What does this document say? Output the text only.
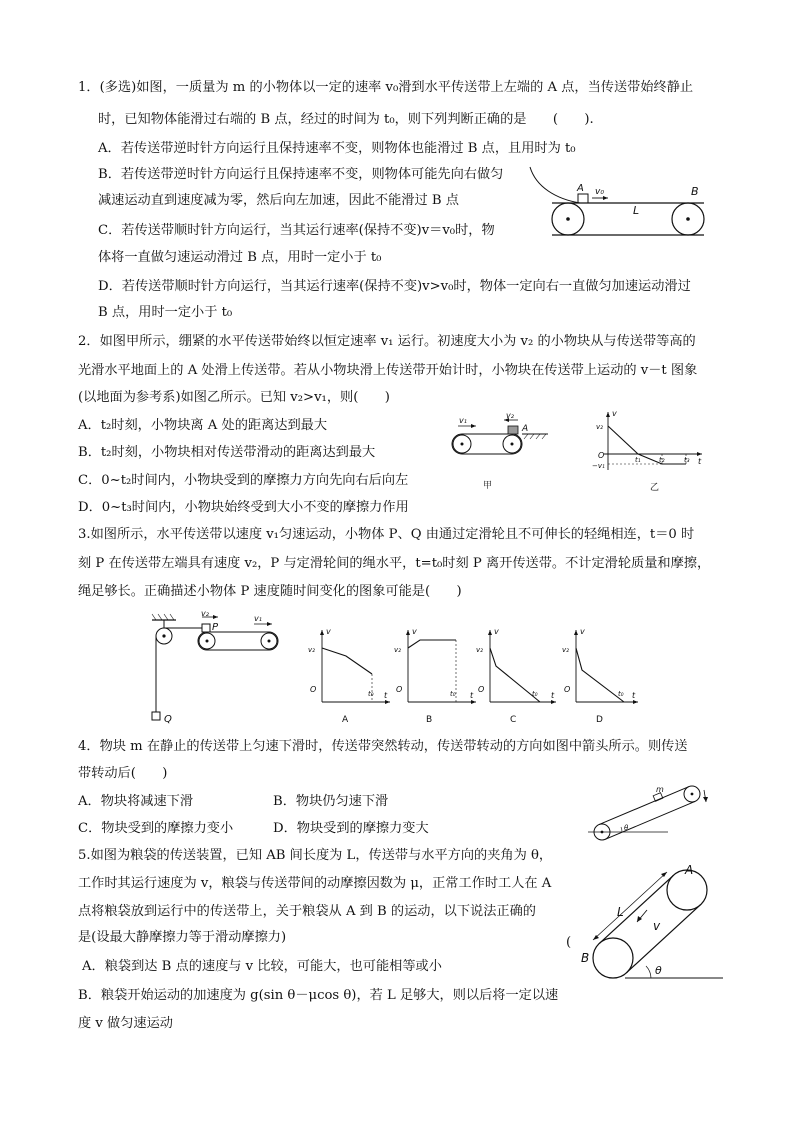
1．(多选)如图，一质量为 m 的小物体以一定的速率 v₀滑到水平传送带上左端的 A 点，当传送带始终静止
时，已知物体能滑过右端的 B 点，经过的时间为 t₀，则下列判断正确的是　　(　　).
A．若传送带逆时针方向运行且保持速率不变，则物体也能滑过 B 点，且用时为 t₀
B．若传送带逆时针方向运行且保持速率不变，则物体可能先向右做匀
减速运动直到速度减为零，然后向左加速，因此不能滑过 B 点
C．若传送带顺时针方向运行，当其运行速率(保持不变)v＝v₀时，物
体将一直做匀速运动滑过 B 点，用时一定小于 t₀
D．若传送带顺时针方向运行，当其运行速率(保持不变)v>v₀时，物体一定向右一直做匀加速运动滑过
B 点，用时一定小于 t₀
2．如图甲所示，绷紧的水平传送带始终以恒定速率 v₁ 运行。初速度大小为 v₂ 的小物块从与传送带等高的
光滑水平地面上的 A 处滑上传送带。若从小物块滑上传送带开始计时，小物块在传送带上运动的 v－t 图象
(以地面为参考系)如图乙所示。已知 v₂>v₁，则(　　)
A．t₂时刻，小物块离 A 处的距离达到最大
B．t₂时刻，小物块相对传送带滑动的距离达到最大
C．0~t₂时间内，小物块受到的摩擦力方向先向右后向左
D．0~t₃时间内，小物块始终受到大小不变的摩擦力作用
3.如图所示，水平传送带以速度 v₁匀速运动，小物体 P、Q 由通过定滑轮且不可伸长的轻绳相连，t＝0 时
刻 P 在传送带左端具有速度 v₂，P 与定滑轮间的绳水平，t=t₀时刻 P 离开传送带。不计定滑轮质量和摩擦，
绳足够长。正确描述小物体 P 速度随时间变化的图象可能是(　　)
4．物块 m 在静止的传送带上匀速下滑时，传送带突然转动，传送带转动的方向如图中箭头所示。则传送
带转动后(　　)
A．物块将减速下滑	B．物块仍匀速下滑
C．物块受到的摩擦力变小	D．物块受到的摩擦力变大
5.如图为粮袋的传送装置，已知 AB 间长度为 L，传送带与水平方向的夹角为 θ，
工作时其运行速度为 v，粮袋与传送带间的动摩擦因数为 μ，正常工作时工人在 A
点将粮袋放到运行中的传送带上，关于粮袋从 A 到 B 的运动，以下说法正确的
是(设最大静摩擦力等于滑动摩擦力)	(
A．粮袋到达 B 点的速度与 v 比较，可能大，也可能相等或小
B．粮袋开始运动的加速度为 g(sin θ－μcos θ)，若 L 足够大，则以后将一定以速
度 v 做匀速运动
A v₀
L
B
v₁
v₂
A
甲
v
v₂
O
−v₁
t₁	t₂	t₃ t
乙
Q
P
v₂
v₁
v
v₂
O	t₀ t
A
v
v₂
O	t₀ t
B
v
v₂
O	t₀ t
C
v
v₂
O	t₀ t
D
m
θ
θ
B
A
L
v
